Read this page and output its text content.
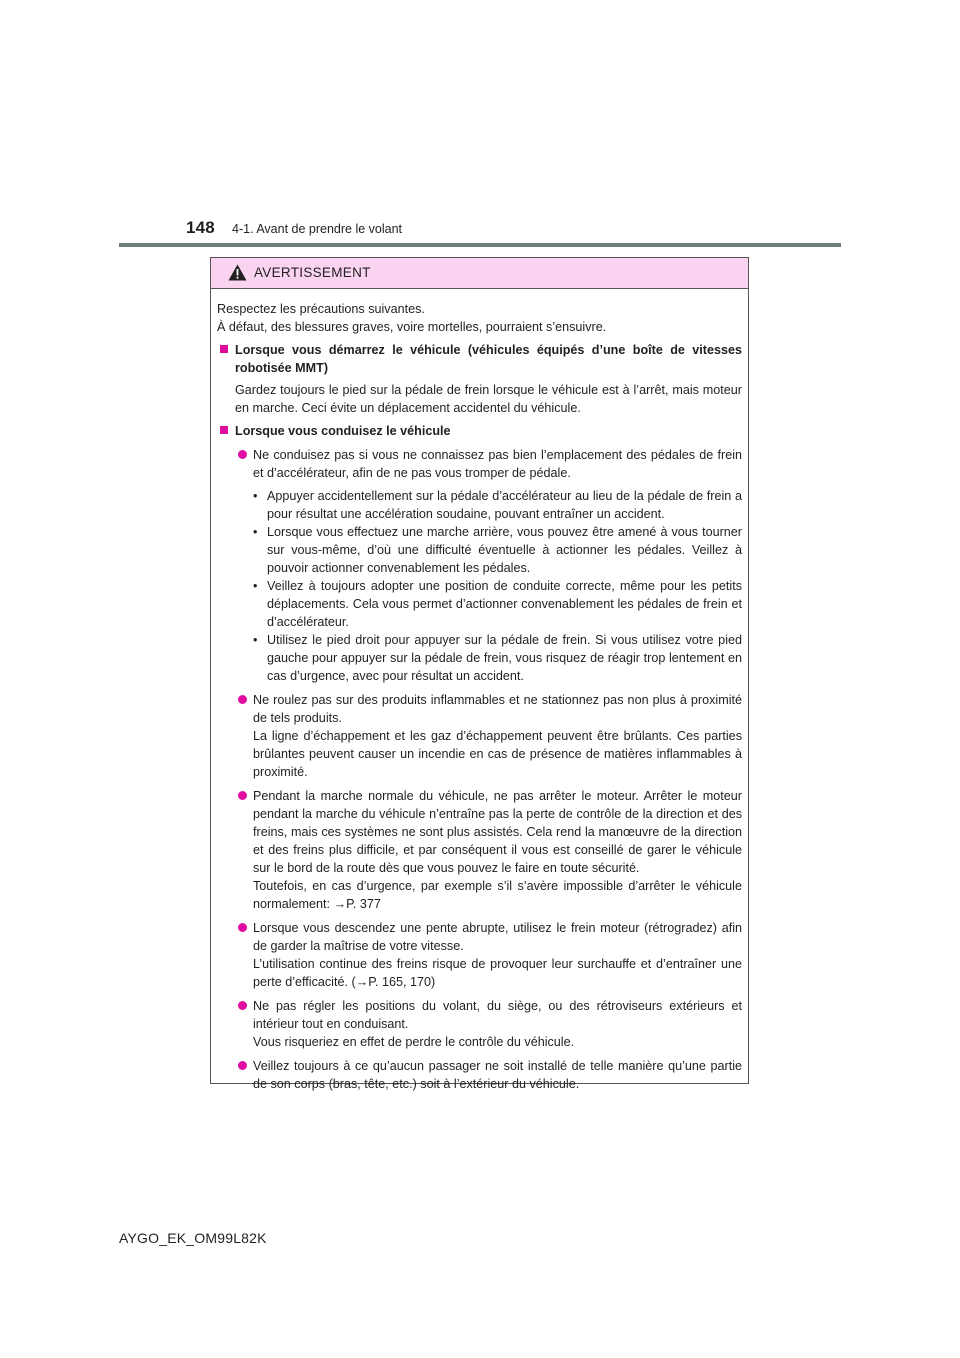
148 4-1. Avant de prendre le volant
AVERTISSEMENT

Respectez les précautions suivantes.
À défaut, des blessures graves, voire mortelles, pourraient s’ensuivre.

Lorsque vous démarrez le véhicule (véhicules équipés d’une boîte de vitesses robotisée MMT)

Gardez toujours le pied sur la pédale de frein lorsque le véhicule est à l’arrêt, mais moteur en marche. Ceci évite un déplacement accidentel du véhicule.

Lorsque vous conduisez le véhicule

Ne conduisez pas si vous ne connaissez pas bien l’emplacement des pédales de frein et d’accélérateur, afin de ne pas vous tromper de pédale.

• Appuyer accidentellement sur la pédale d’accélérateur au lieu de la pédale de frein a pour résultat une accélération soudaine, pouvant entraîner un accident.

• Lorsque vous effectuez une marche arrière, vous pouvez être amené à vous tourner sur vous-même, d’où une difficulté éventuelle à actionner les pédales. Veillez à pouvoir actionner convenablement les pédales.

• Veillez à toujours adopter une position de conduite correcte, même pour les petits déplacements. Cela vous permet d’actionner convenablement les pédales de frein et d’accélérateur.

• Utilisez le pied droit pour appuyer sur la pédale de frein. Si vous utilisez votre pied gauche pour appuyer sur la pédale de frein, vous risquez de réagir trop lentement en cas d’urgence, avec pour résultat un accident.

Ne roulez pas sur des produits inflammables et ne stationnez pas non plus à proximité de tels produits.
La ligne d’échappement et les gaz d’échappement peuvent être brûlants. Ces parties brûlantes peuvent causer un incendie en cas de présence de matières inflammables à proximité.

Pendant la marche normale du véhicule, ne pas arrêter le moteur. Arrêter le moteur pendant la marche du véhicule n’entraîne pas la perte de contrôle de la direction et des freins, mais ces systèmes ne sont plus assistés. Cela rend la manœuvre de la direction et des freins plus difficile, et par conséquent il vous est conseillé de garer le véhicule sur le bord de la route dès que vous pouvez le faire en toute sécurité.
Toutefois, en cas d’urgence, par exemple s’il s’avère impossible d’arrêter le véhicule normalement: →P. 377

Lorsque vous descendez une pente abrupte, utilisez le frein moteur (rétrogradez) afin de garder la maîtrise de votre vitesse.
L’utilisation continue des freins risque de provoquer leur surchauffe et d’entraîner une perte d’efficacité. (→P. 165, 170)

Ne pas régler les positions du volant, du siège, ou des rétroviseurs extérieurs et intérieur tout en conduisant.
Vous risqueriez en effet de perdre le contrôle du véhicule.

Veillez toujours à ce qu’aucun passager ne soit installé de telle manière qu’une partie de son corps (bras, tête, etc.) soit à l’extérieur du véhicule.

AYGO_EK_OM99L82K
